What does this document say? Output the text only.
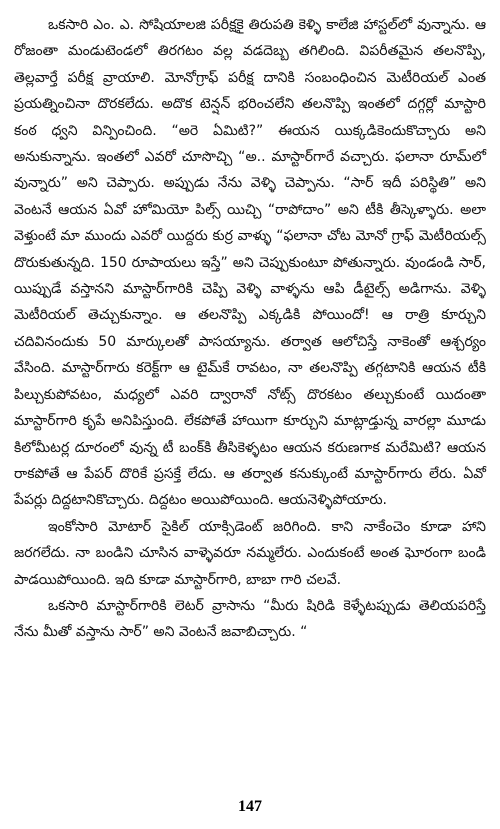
ఒకసారి ఎం. ఎ. సోషియాలజి పరీక్షకై తిరుపతి కెళ్ళి కాలేజి హాస్టల్‌లో వున్నాను. ఆ రోజంతా మండుటెండలో తిరగటం వల్ల వడదెబ్బ తగిలింది. విపరీతమైన తలనొప్పి, తెల్లవార్తే పరీక్ష వ్రాయాలి. మోనోగ్రాఫ్ పరీక్ష దానికి సంబంధించిన మెటీరియల్ ఎంత ప్రయత్నించినా దొరకలేదు. అదొక టెన్షన్ భరించలేని తలనొప్పి ఇంతలో దగ్గర్లో మాస్టారి కంఠ ధ్వని విన్పించింది. “అరె ఏమిటి?” ఈయన యిక్కడికెందుకొచ్చారు అని అనుకున్నాను. ఇంతలో ఎవరో చూసొచ్చి “అ.. మాస్టార్‌గారే వచ్చారు. ఫలానా రూమ్‌లో వున్నారు” అని చెప్పారు. అప్పుడు నేను వెళ్ళి చెప్పాను. “సార్ ఇదీ పరిస్థితి” అని వెంటనే ఆయన ఏవో హోమియో పిల్స్ యిచ్చి “రాపోదాం” అని టీకి తీస్కెళ్ళారు. అలా వెళ్తుంటే మా ముందు ఎవరో యిద్దరు కుర్ర వాళ్ళు “ఫలానా చోట మోనో గ్రాఫ్ మెటీరియల్స్ దొరుకుతున్నది. 150 రూపాయలు ఇస్తే” అని చెప్పుకుంటూ పోతున్నారు. వుండండి సార్, యిప్పుడే వస్తానని మాస్టార్‌గారికి చెప్పి వెళ్ళి వాళ్ళను ఆపి డీటైల్స్ అడిగాను. వెళ్ళి మెటీరియల్ తెచ్చుకున్నాం. ఆ తలనొప్పి ఎక్కడికి పోయిందో! ఆ రాత్రి కూర్చుని చదివినందుకు 50 మార్కులతో పాసయ్యాను. తర్వాత ఆలోచిస్తే నాకెంతో ఆశ్చర్యం వేసింది. మాస్టార్‌గారు కరెక్ట్‌గా ఆ టైమ్‌కే రావటం, నా తలనొప్పి తగ్గటానికి ఆయన టీకి పిల్చుకుపోవటం, మధ్యలో ఎవరి ద్వారానో నోట్స్ దొరకటం తల్చుకుంటే యిదంతా మాస్టార్‌గారి కృపే అనిపిస్తుంది. లేకపోతే హాయిగా కూర్చుని మాట్లాడ్తున్న వారల్లా మూడు కిలోమీటర్ల దూరంలో వున్న టీ బంక్‌కి తీసికెళ్ళటం ఆయన కరుణగాక మరేమిటి? ఆయన రాకపోతే ఆ పేపర్ దొరికే ప్రసక్తే లేదు. ఆ తర్వాత కనుక్కుంటే మాస్టార్‌గారు లేరు. ఏవో పేపర్లు దిద్దటానికొచ్చారు. దిద్దటం అయిపోయింది. ఆయనెళ్ళిపోయారు.

ఇంకోసారి మోటార్ సైకిల్ యాక్సిడెంట్ జరిగింది. కాని నాకేంచెం కూడా హాని జరగలేదు. నా బండిని చూసిన వాళ్ళెవరూ నమ్మలేరు. ఎందుకంటే అంత ఘోరంగా బండి పాడయిపోయింది. ఇది కూడా మాస్టార్‌గారి, బాబా గారి చలవే.

ఒకసారి మాస్టార్‌గారికి లెటర్ వ్రాసాను “మీరు షిరిడి కెళ్ళేటప్పుడు తెలియపరిస్తే నేను మీతో వస్తాను సార్” అని వెంటనే జవాబిచ్చారు. “

147
